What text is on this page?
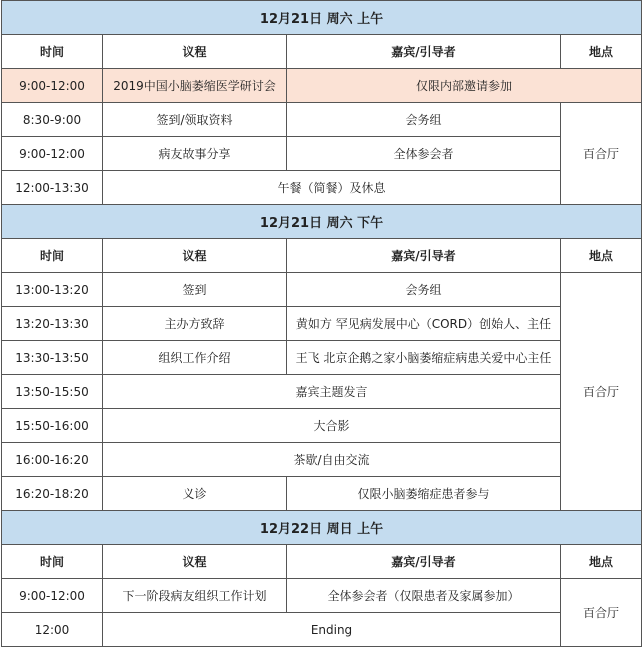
12月21日 周六 上午			
时间	议程	嘉宾/引导者	地点
9:00-12:00	2019中国小脑萎缩医学研讨会	仅限内部邀请参加	
8:30-9:00	签到/领取资料	会务组	百合厅
9:00-12:00	病友故事分享	全体参会者	
12:00-13:30	午餐（简餐）及休息		
12月21日 周六 下午			
时间	议程	嘉宾/引导者	地点
13:00-13:20	签到	会务组	百合厅
13:20-13:30	主办方致辞	黄如方 罕见病发展中心（CORD）创始人、主任	
13:30-13:50	组织工作介绍	王飞 北京企鹅之家小脑萎缩症病患关爱中心主任	
13:50-15:50	嘉宾主题发言		
15:50-16:00	大合影		
16:00-16:20	茶歇/自由交流		
16:20-18:20	义诊	仅限小脑萎缩症患者参与	
12月22日 周日 上午			
时间	议程	嘉宾/引导者	地点
9:00-12:00	下一阶段病友组织工作计划	全体参会者（仅限患者及家属参加）	百合厅
12:00	Ending		
